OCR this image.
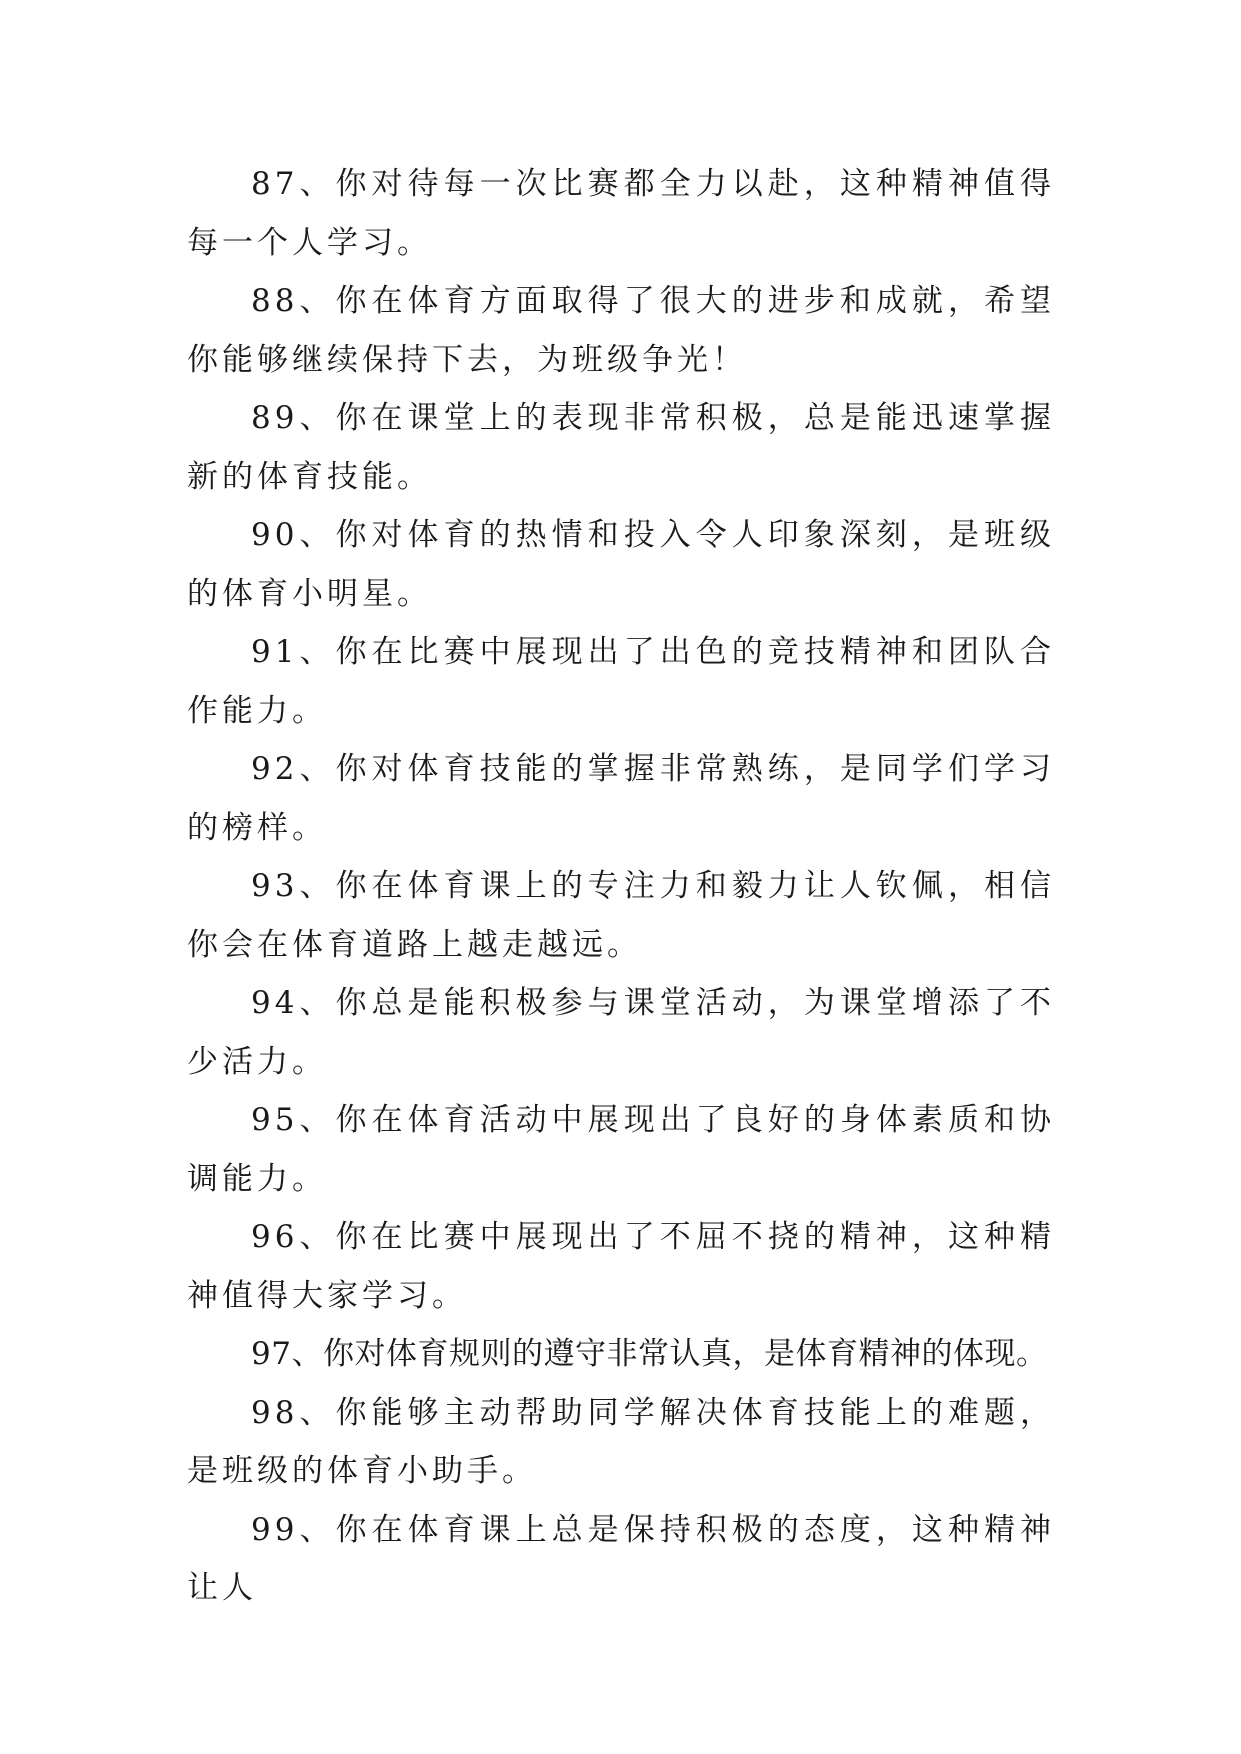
87、你对待每一次比赛都全力以赴，这种精神值得每一个人学习。

88、你在体育方面取得了很大的进步和成就，希望你能够继续保持下去，为班级争光！

89、你在课堂上的表现非常积极，总是能迅速掌握新的体育技能。

90、你对体育的热情和投入令人印象深刻，是班级的体育小明星。

91、你在比赛中展现出了出色的竞技精神和团队合作能力。

92、你对体育技能的掌握非常熟练，是同学们学习的榜样。

93、你在体育课上的专注力和毅力让人钦佩，相信你会在体育道路上越走越远。

94、你总是能积极参与课堂活动，为课堂增添了不少活力。

95、你在体育活动中展现出了良好的身体素质和协调能力。

96、你在比赛中展现出了不屈不挠的精神，这种精神值得大家学习。

97、你对体育规则的遵守非常认真，是体育精神的体现。

98、你能够主动帮助同学解决体育技能上的难题，是班级的体育小助手。

99、你在体育课上总是保持积极的态度，这种精神让人
